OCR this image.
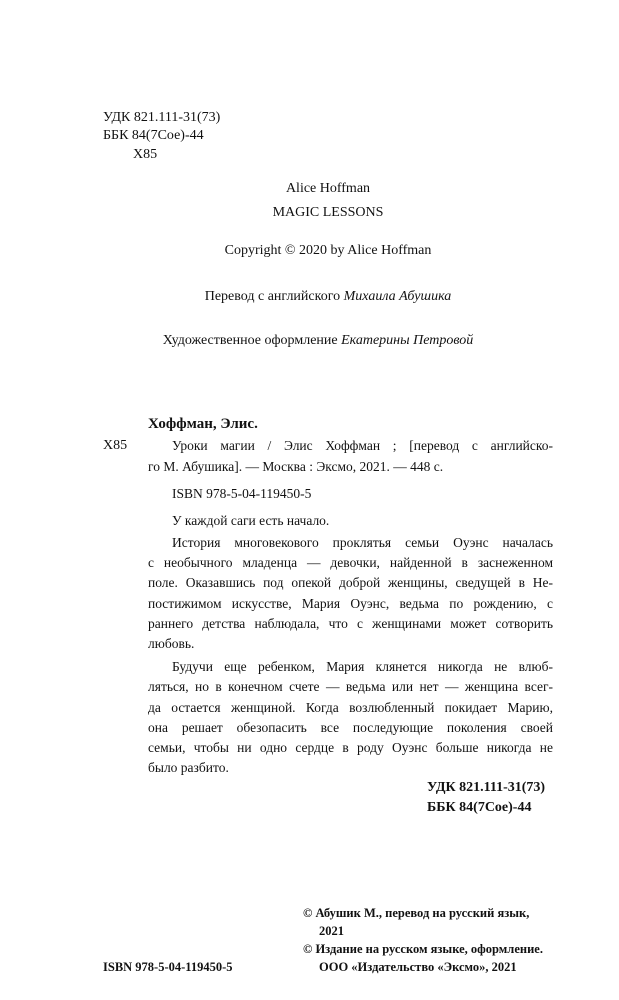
УДК 821.111-31(73)
ББК 84(7Сое)-44
Х85
Alice Hoffman
MAGIC LESSONS
Copyright © 2020 by Alice Hoffman
Перевод с английского Михаила Абушика
Художественное оформление Екатерины Петровой
Хоффман, Элис.
Х85	Уроки магии / Элис Хоффман ; [перевод с английско-
го М. Абушика]. — Москва : Эксмо, 2021. — 448 с.
ISBN 978-5-04-119450-5
У каждой саги есть начало.
История многовекового проклятья семьи Оуэнс началась
с необычного младенца — девочки, найденной в заснеженном
поле. Оказавшись под опекой доброй женщины, сведущей в Не-
постижимом искусстве, Мария Оуэнс, ведьма по рождению, с
раннего детства наблюдала, что с женщинами может сотворить
любовь.
Будучи еще ребенком, Мария клянется никогда не влюб-
ляться, но в конечном счете — ведьма или нет — женщина всег-
да остается женщиной. Когда возлюбленный покидает Марию,
она решает обезопасить все последующие поколения своей
семьи, чтобы ни одно сердце в роду Оуэнс больше никогда не
было разбито.
УДК 821.111-31(73)
ББК 84(7Сое)-44
© Абушик М., перевод на русский язык,
2021
© Издание на русском языке, оформление.
ООО «Издательство «Эксмо», 2021
ISBN 978-5-04-119450-5
